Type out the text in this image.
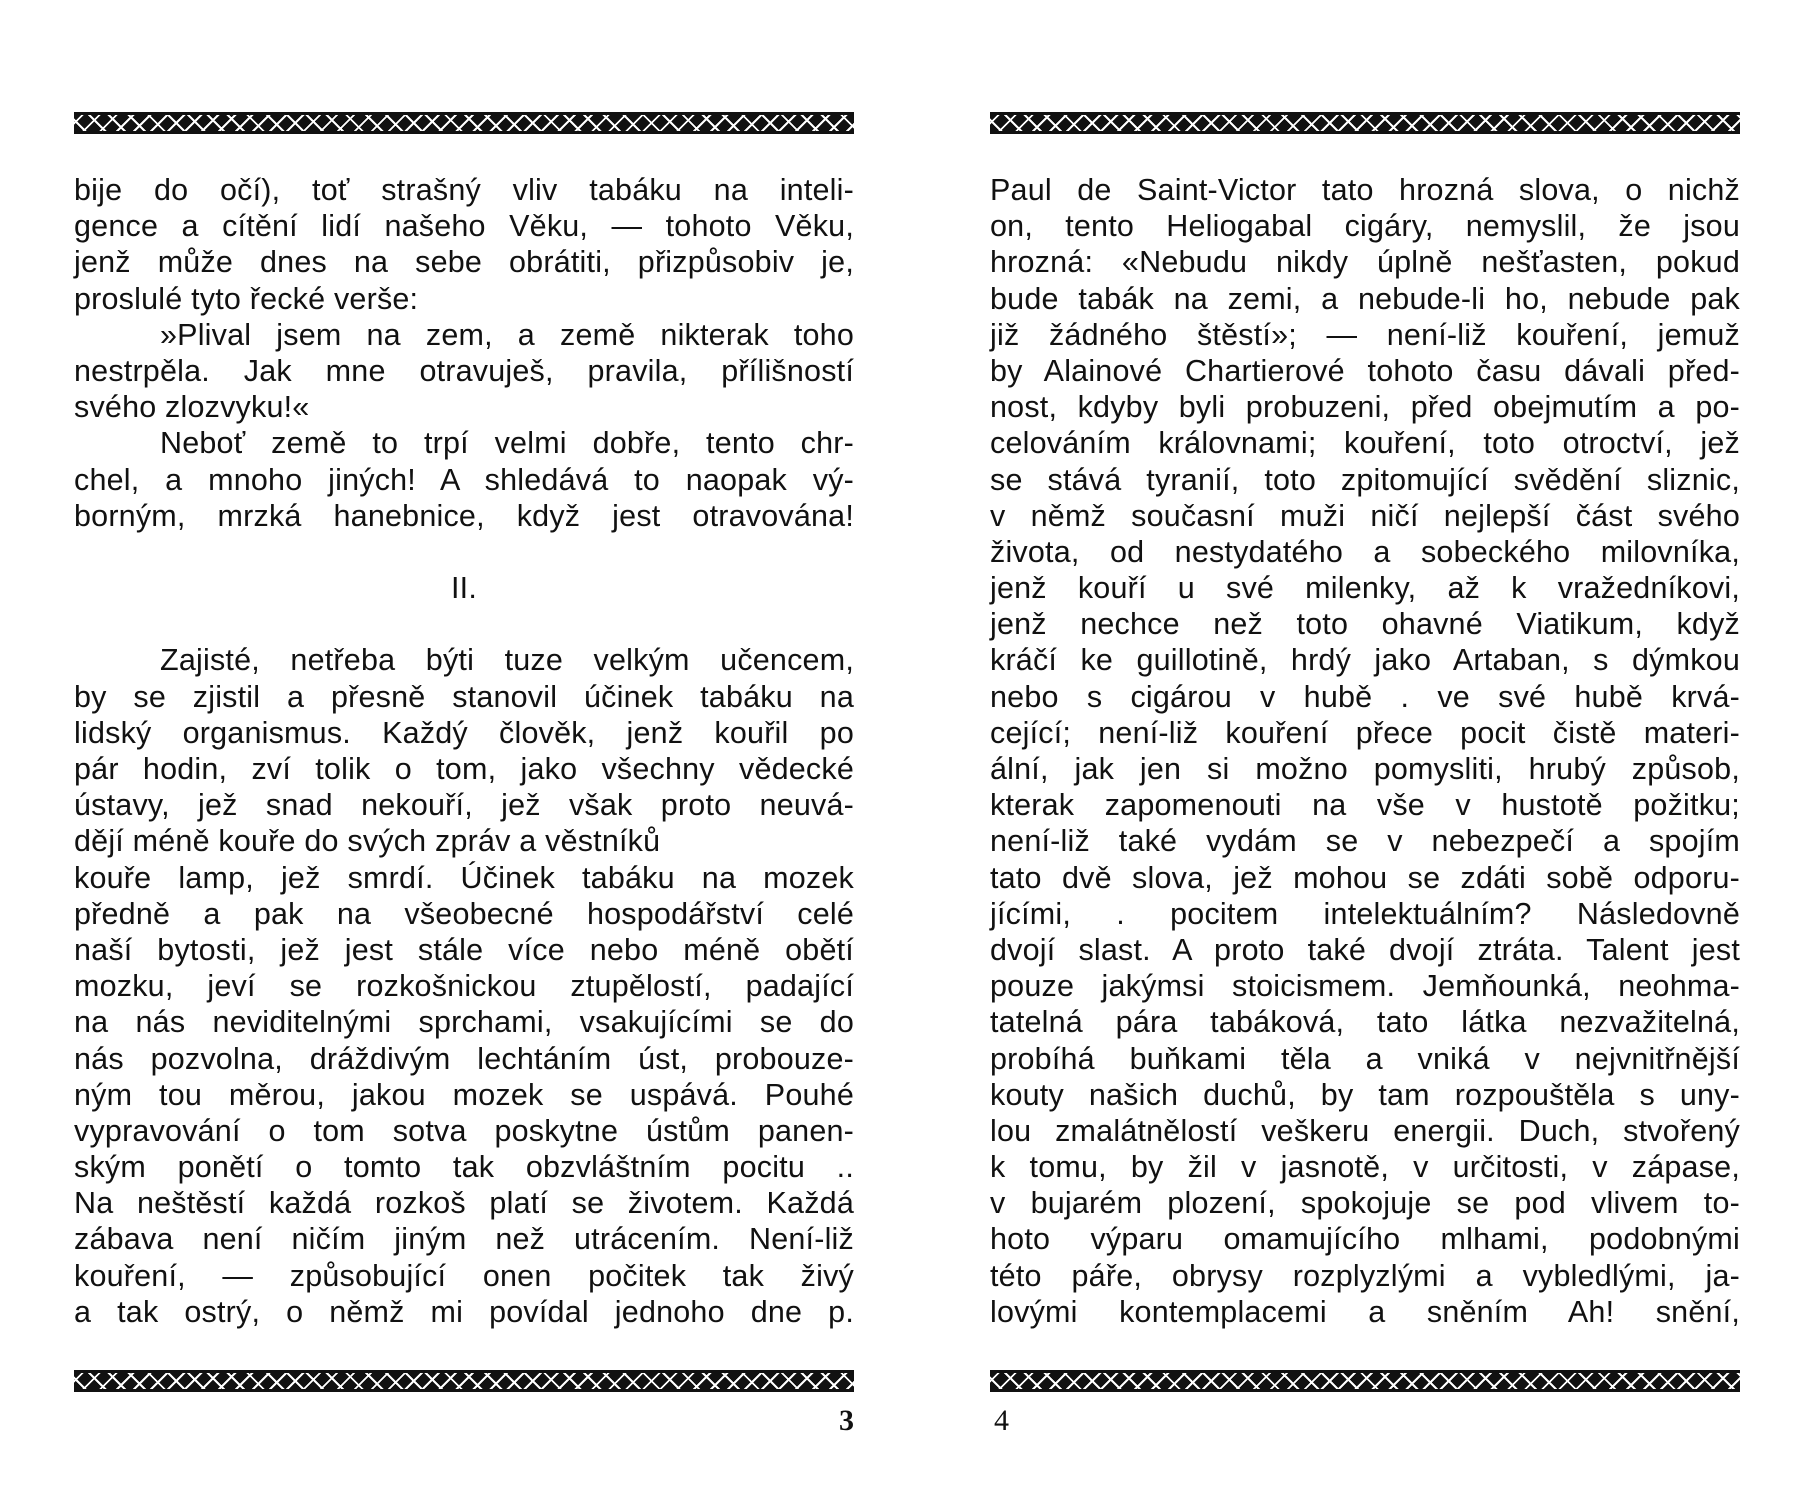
bije do očí), toť strašný vliv tabáku na inteli-
gence a cítění lidí našeho Věku, — tohoto Věku,
jenž může dnes na sebe obrátiti, přizpůsobiv je,
proslulé tyto řecké verše:
»Plival jsem na zem, a země nikterak toho
nestrpěla. Jak mne otravuješ, pravila, přílišností
svého zlozvyku!«
Neboť země to trpí velmi dobře, tento chr-
chel, a mnoho jiných! A shledává to naopak vý-
borným, mrzká hanebnice, když jest otravována!
II.
Zajisté, netřeba býti tuze velkým učencem,
by se zjistil a přesně stanovil účinek tabáku na
lidský organismus. Každý člověk, jenž kouřil po
pár hodin, zví tolik o tom, jako všechny vědecké
ústavy, jež snad nekouří, jež však proto neuvá-
dějí méně kouře do svých zpráv a věstníků
kouře lamp, jež smrdí. Účinek tabáku na mozek
předně a pak na všeobecné hospodářství celé
naší bytosti, jež jest stále více nebo méně obětí
mozku, jeví se rozkošnickou ztupělostí, padající
na nás neviditelnými sprchami, vsakujícími se do
nás pozvolna, dráždivým lechtáním úst, probouze-
ným tou měrou, jakou mozek se uspává. Pouhé
vypravování o tom sotva poskytne ústům panen-
ským ponětí o tomto tak obzvláštním pocitu ..
Na neštěstí každá rozkoš platí se životem. Každá
zábava není ničím jiným než utrácením. Není-liž
kouření, — způsobující onen počitek tak živý
a tak ostrý, o němž mi povídal jednoho dne p.
3
Paul de Saint-Victor tato hrozná slova, o nichž
on, tento Heliogabal cigáry, nemyslil, že jsou
hrozná: «Nebudu nikdy úplně nešťasten, pokud
bude tabák na zemi, a nebude-li ho, nebude pak
již žádného štěstí»; — není-liž kouření, jemuž
by Alainové Chartierové tohoto času dávali před-
nost, kdyby byli probuzeni, před obejmutím a po-
celováním královnami; kouření, toto otroctví, jež
se stává tyranií, toto zpitomující svědění sliznic,
v němž současní muži ničí nejlepší část svého
života, od nestydatého a sobeckého milovníka,
jenž kouří u své milenky, až k vražedníkovi,
jenž nechce než toto ohavné Viatikum, když
kráčí ke guillotině, hrdý jako Artaban, s dýmkou
nebo s cigárou v hubě . ve své hubě krvá-
cející; není-liž kouření přece pocit čistě materi-
ální, jak jen si možno pomysliti, hrubý způsob,
kterak zapomenouti na vše v hustotě požitku;
není-liž také vydám se v nebezpečí a spojím
tato dvě slova, jež mohou se zdáti sobě odporu-
jícími, . pocitem intelektuálním? Následovně
dvojí slast. A proto také dvojí ztráta. Talent jest
pouze jakýmsi stoicismem. Jemňounká, neohma-
tatelná pára tabáková, tato látka nezvažitelná,
probíhá buňkami těla a vniká v nejvnitřnější
kouty našich duchů, by tam rozpouštěla s uny-
lou zmalátnělostí veškeru energii. Duch, stvořený
k tomu, by žil v jasnotě, v určitosti, v zápase,
v bujarém plození, spokojuje se pod vlivem to-
hoto výparu omamujícího mlhami, podobnými
této páře, obrysy rozplyzlými a vybledlými, ja-
lovými kontemplacemi a sněním Ah! snění,
4
